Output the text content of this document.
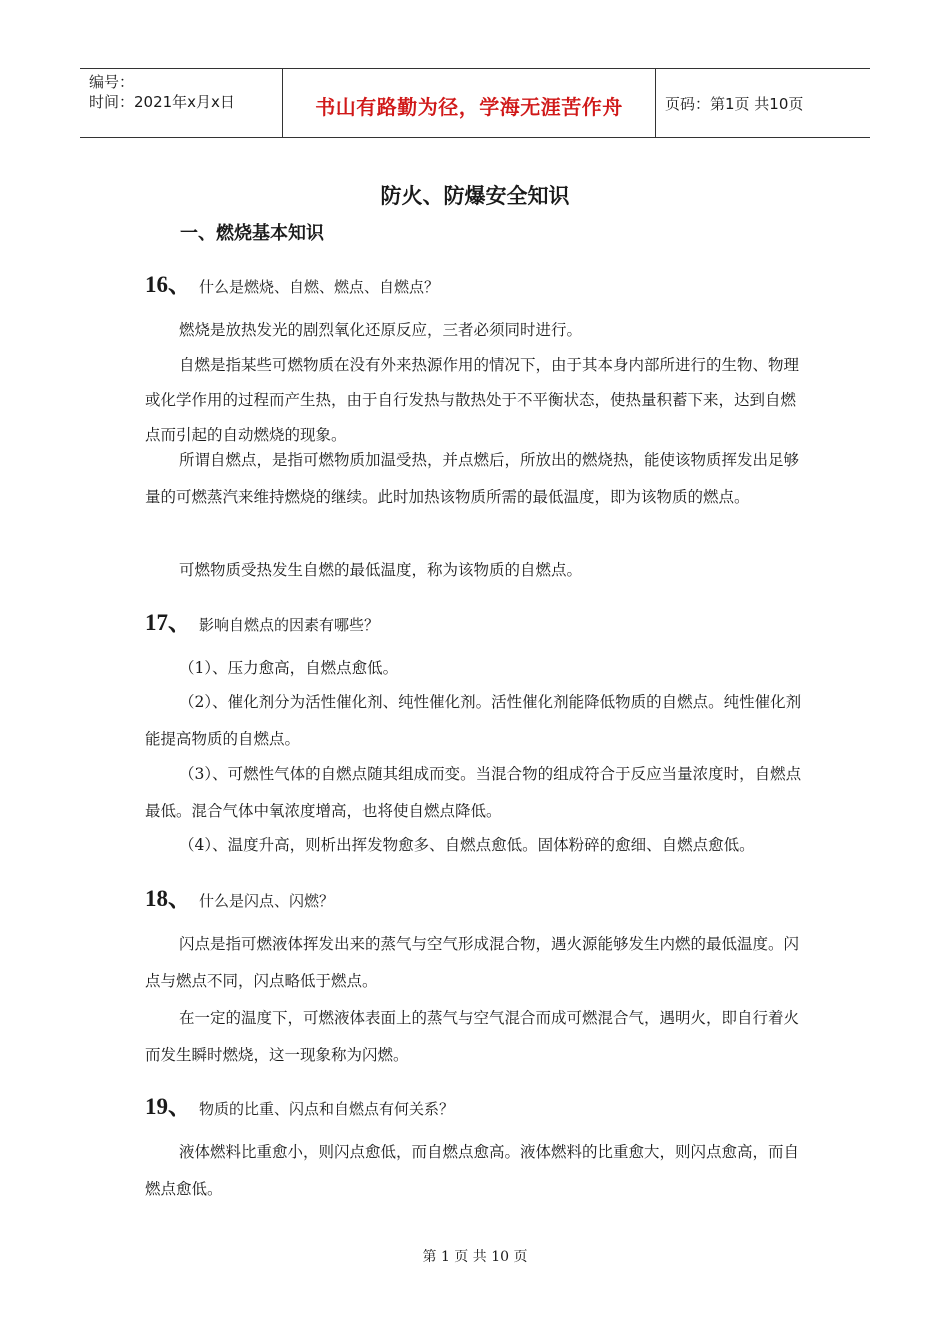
编号：
时间：2021年x月x日	书山有路勤为径，学海无涯苦作舟	页码：第1页 共10页
防火、防爆安全知识
一、燃烧基本知识
16、 什么是燃烧、自燃、燃点、自燃点？
燃烧是放热发光的剧烈氧化还原反应，三者必须同时进行。
自燃是指某些可燃物质在没有外来热源作用的情况下，由于其本身内部所进行的生物、物理或化学作用的过程而产生热，由于自行发热与散热处于不平衡状态，使热量积蓄下来，达到自燃点而引起的自动燃烧的现象。
所谓自燃点，是指可燃物质加温受热，并点燃后，所放出的燃烧热，能使该物质挥发出足够量的可燃蒸汽来维持燃烧的继续。此时加热该物质所需的最低温度，即为该物质的燃点。
可燃物质受热发生自燃的最低温度，称为该物质的自燃点。
17、 影响自燃点的因素有哪些？
（1）、压力愈高，自燃点愈低。
（2）、催化剂分为活性催化剂、纯性催化剂。活性催化剂能降低物质的自燃点。纯性催化剂能提高物质的自燃点。
（3）、可燃性气体的自燃点随其组成而变。当混合物的组成符合于反应当量浓度时，自燃点最低。混合气体中氧浓度增高，也将使自燃点降低。
（4）、温度升高，则析出挥发物愈多、自燃点愈低。固体粉碎的愈细、自燃点愈低。
18、 什么是闪点、闪燃？
闪点是指可燃液体挥发出来的蒸气与空气形成混合物，遇火源能够发生内燃的最低温度。闪点与燃点不同，闪点略低于燃点。
在一定的温度下，可燃液体表面上的蒸气与空气混合而成可燃混合气，遇明火，即自行着火而发生瞬时燃烧，这一现象称为闪燃。
19、 物质的比重、闪点和自燃点有何关系？
液体燃料比重愈小，则闪点愈低，而自燃点愈高。液体燃料的比重愈大，则闪点愈高，而自燃点愈低。
第 1 页 共 10 页
